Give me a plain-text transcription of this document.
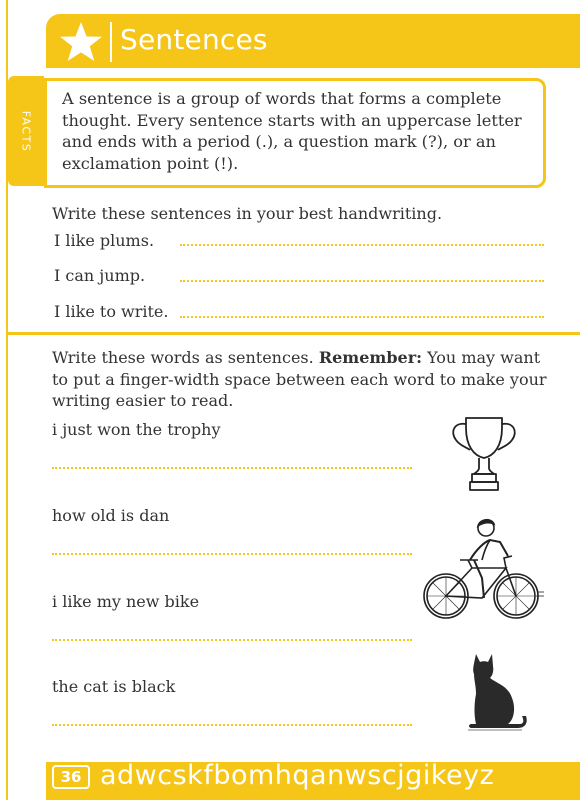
Sentences
FACTS
A sentence is a group of words that forms a complete thought. Every sentence starts with an uppercase letter and ends with a period (.), a question mark (?), or an exclamation point (!).
Write these sentences in your best handwriting.
I like plums.
I can jump.
I like to write.
Write these words as sentences. Remember: You may want to put a finger-width space between each word to make your writing easier to read.
i just won the trophy
how old is dan
i like my new bike
the cat is black
36 adwcskfbomhqanwscjgikeyz
